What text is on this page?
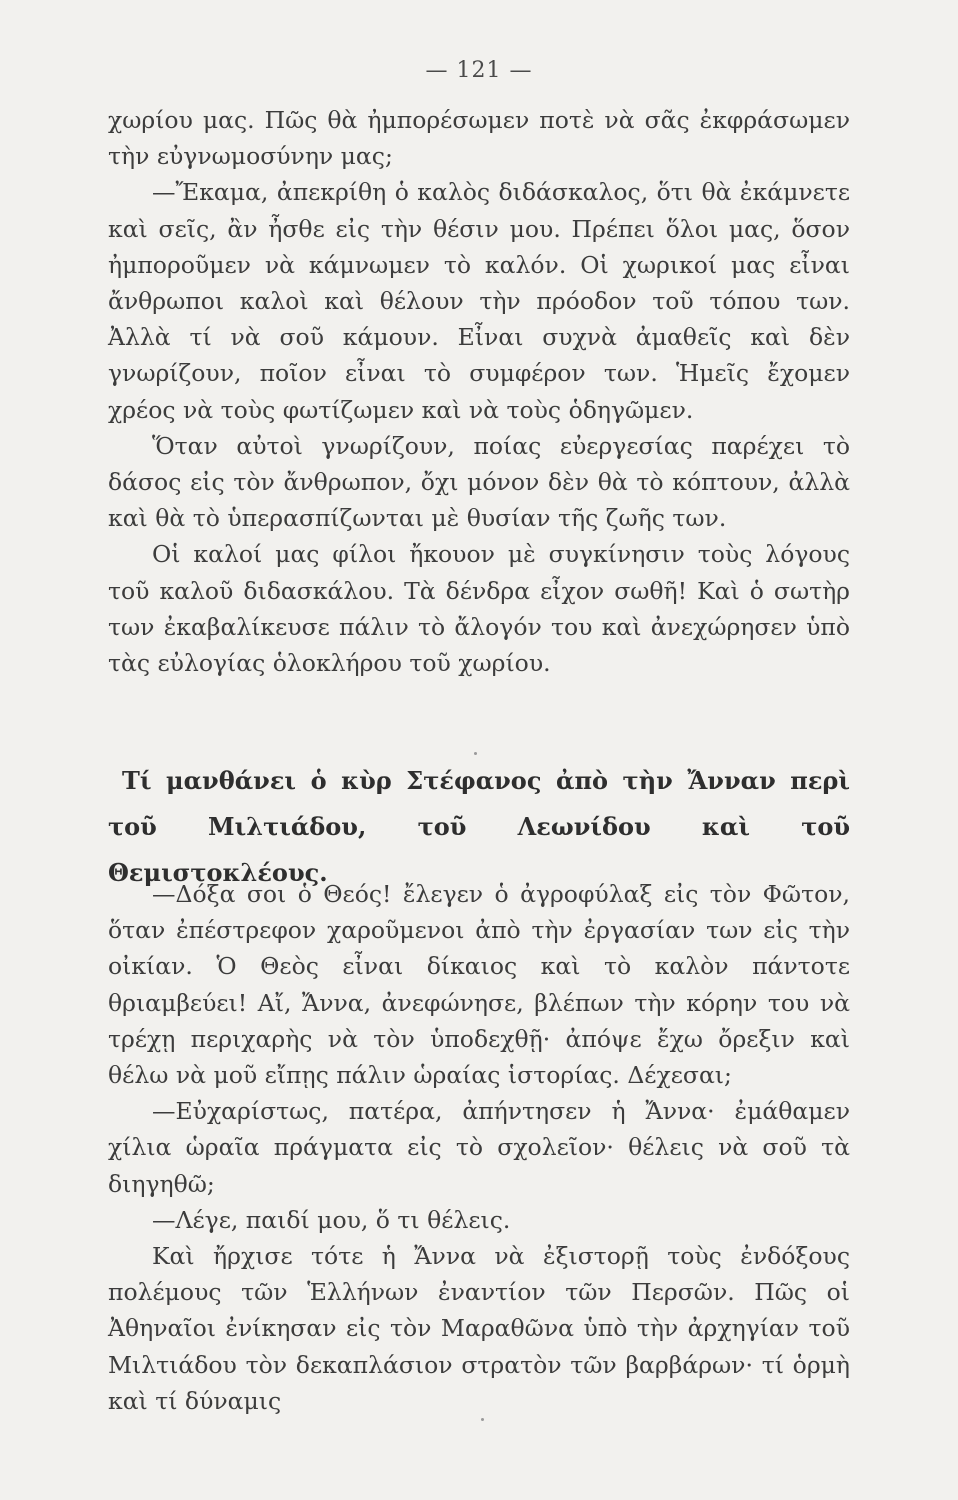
— 121 —

χωρίου μας. Πῶς θὰ ἠμπορέσωμεν ποτὲ νὰ σᾶς ἐκφράσωμεν τὴν εὐγνωμοσύνην μας;

—Ἔκαμα, ἀπεκρίθη ὁ καλὸς διδάσκαλος, ὅτι θὰ ἐκάμνετε καὶ σεῖς, ἂν ἦσθε εἰς τὴν θέσιν μου. Πρέπει ὅλοι μας, ὅσον ἠμποροῦμεν νὰ κάμνωμεν τὸ καλόν. Οἱ χωρικοί μας εἶναι ἄνθρωποι καλοὶ καὶ θέλουν τὴν πρόοδον τοῦ τόπου των. Ἀλλὰ τί νὰ σοῦ κάμουν. Εἶναι συχνὰ ἀμαθεῖς καὶ δὲν γνωρίζουν, ποῖον εἶναι τὸ συμφέρον των. Ἡμεῖς ἔχομεν χρέος νὰ τοὺς φωτίζωμεν καὶ νὰ τοὺς ὁδηγῶμεν.

Ὅταν αὐτοὶ γνωρίζουν, ποίας εὐεργεσίας παρέχει τὸ δάσος εἰς τὸν ἄνθρωπον, ὄχι μόνον δὲν θὰ τὸ κόπτουν, ἀλλὰ καὶ θὰ τὸ ὑπερασπίζωνται μὲ θυσίαν τῆς ζωῆς των.

Οἱ καλοί μας φίλοι ἤκουον μὲ συγκίνησιν τοὺς λόγους τοῦ καλοῦ διδασκάλου. Τὰ δένδρα εἶχον σωθῆ! Καὶ ὁ σωτὴρ των ἐκαβαλίκευσε πάλιν τὸ ἄλογόν του καὶ ἀνεχώρησεν ὑπὸ τὰς εὐλογίας ὁλοκλήρου τοῦ χωρίου.

Τί μανθάνει ὁ κὺρ Στέφανος ἀπὸ τὴν Ἄνναν περὶ τοῦ Μιλτιάδου, τοῦ Λεωνίδου καὶ τοῦ Θεμιστοκλέους.

—Δόξα σοι ὁ Θεός! ἔλεγεν ὁ ἀγροφύλαξ εἰς τὸν Φῶτον, ὅταν ἐπέστρεφον χαροῦμενοι ἀπὸ τὴν ἐργασίαν των εἰς τὴν οἰκίαν. Ὁ Θεὸς εἶναι δίκαιος καὶ τὸ καλὸν πάντοτε θριαμβεύει! Αἴ, Ἄννα, ἀνεφώνησε, βλέπων τὴν κόρην του νὰ τρέχῃ περιχαρὴς νὰ τὸν ὑποδεχθῇ· ἀπόψε ἔχω ὄρεξιν καὶ θέλω νὰ μοῦ εἴπῃς πάλιν ὡραίας ἱστορίας. Δέχεσαι;

—Εὐχαρίστως, πατέρα, ἀπήντησεν ἡ Ἄννα· ἐμάθαμεν χίλια ὡραῖα πράγματα εἰς τὸ σχολεῖον· θέλεις νὰ σοῦ τὰ διηγηθῶ;

—Λέγε, παιδί μου, ὅ τι θέλεις.

Καὶ ἤρχισε τότε ἡ Ἄννα νὰ ἐξιστορῇ τοὺς ἐνδόξους πολέμους τῶν Ἑλλήνων ἐναντίον τῶν Περσῶν. Πῶς οἱ Ἀθηναῖοι ἐνίκησαν εἰς τὸν Μαραθῶνα ὑπὸ τὴν ἀρχηγίαν τοῦ Μιλτιάδου τὸν δεκαπλάσιον στρατὸν τῶν βαρβάρων· τί ὁρμὴ καὶ τί δύναμις
